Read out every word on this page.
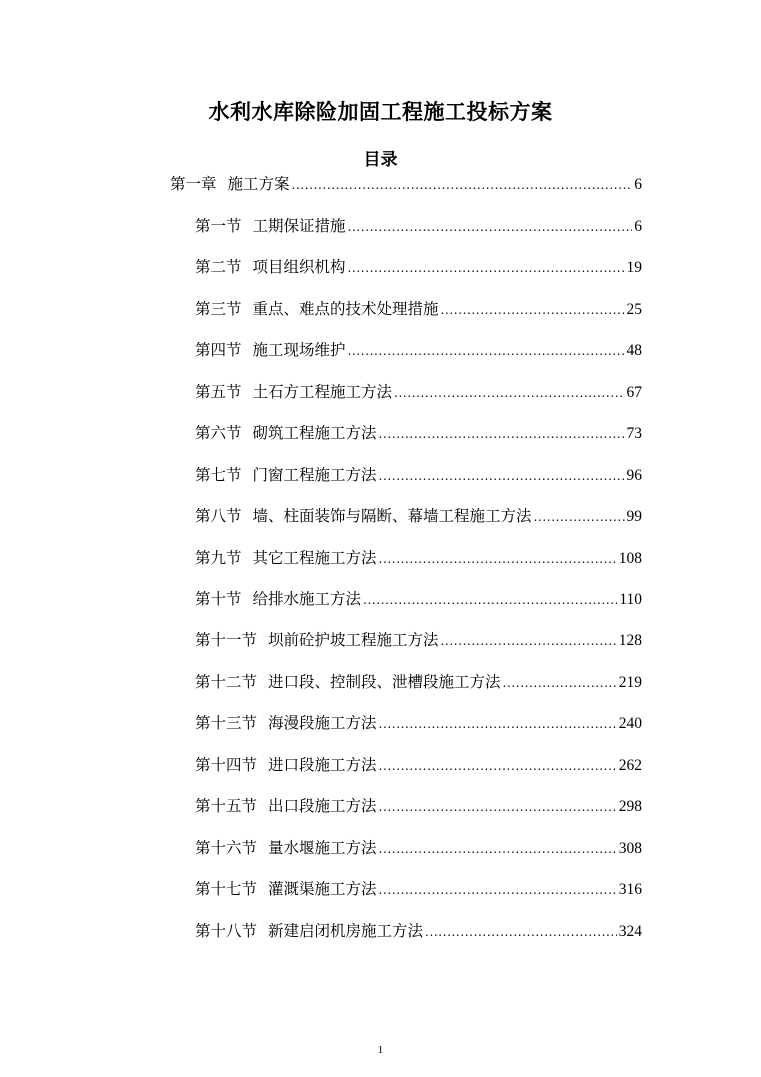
水利水库除险加固工程施工投标方案
目录
第一章 施工方案 .....	6
第一节 工期保证措施 .....	6
第二节 项目组织机构 .....	19
第三节 重点、难点的技术处理措施 .....	25
第四节 施工现场维护 .....	48
第五节 土石方工程施工方法 .....	67
第六节 砌筑工程施工方法 .....	73
第七节 门窗工程施工方法 .....	96
第八节 墙、柱面装饰与隔断、幕墙工程施工方法 .....	99
第九节 其它工程施工方法 .....	108
第十节 给排水施工方法 .....	110
第十一节 坝前砼护坡工程施工方法 .....	128
第十二节 进口段、控制段、泄槽段施工方法 .....	219
第十三节 海漫段施工方法 .....	240
第十四节 进口段施工方法 .....	262
第十五节 出口段施工方法 .....	298
第十六节 量水堰施工方法 .....	308
第十七节 灌溉渠施工方法 .....	316
第十八节 新建启闭机房施工方法 .....	324
1
